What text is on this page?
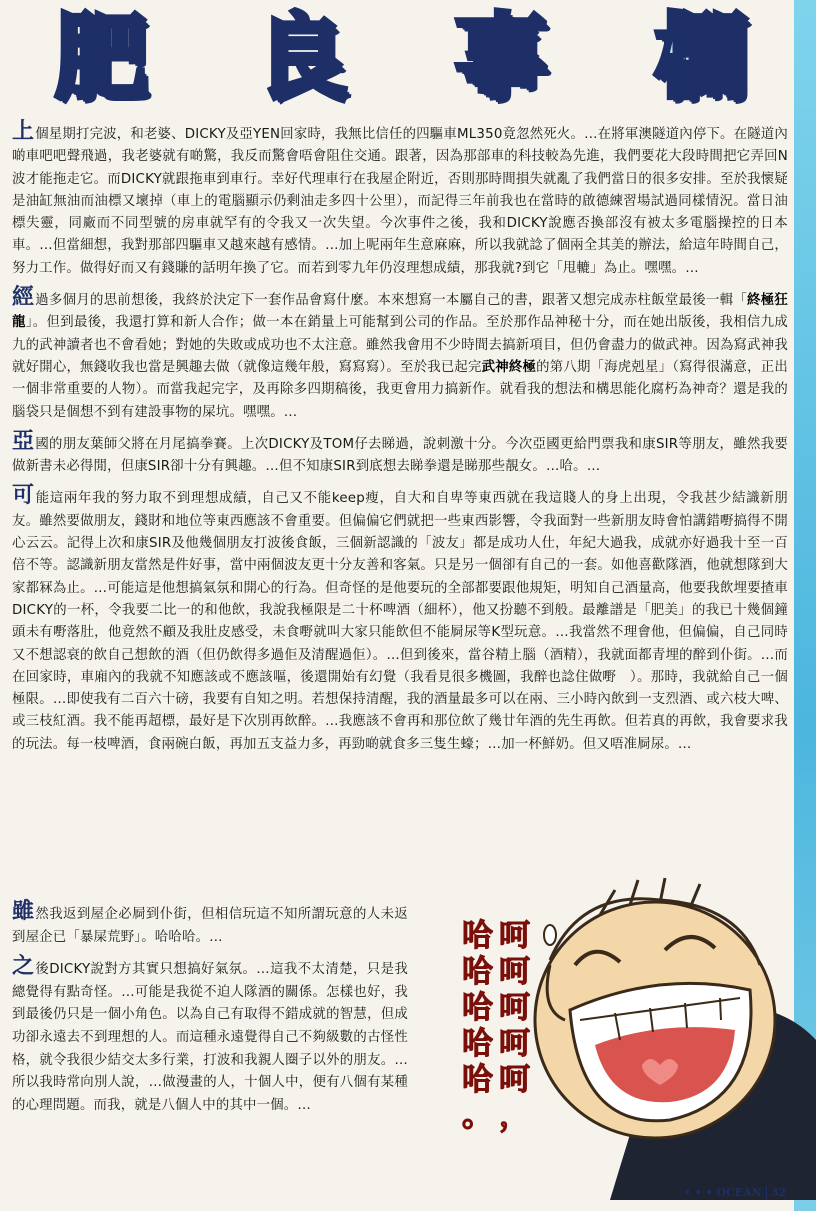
肥	良	事	欄

上個星期打完波，和老婆、DICKY及亞YEN回家時，我無比信任的四驅車ML350竟忽然死火。…在將軍澳隧道內停下。在隧道內啲車吧吧聲飛過，我老婆就有啲驚，我反而驚會唔會阻住交通。跟著，因為那部車的科技較為先進，我們要花大段時間把它弄回N波才能拖走它。而DICKY就跟拖車到車行。幸好代理車行在我屋企附近，否則那時間損失就亂了我們當日的很多安排。至於我懷疑是油缸無油而油標又壞掉（車上的電腦顯示仍剩油走多四十公里），而記得三年前我也在當時的啟德練習場試過同樣情況。當日油標失靈，同廠而不同型號的房車就罕有的令我又一次失望。今次事件之後，我和DICKY說應否換部沒有被太多電腦操控的日本車。…但當細想，我對那部四驅車又越來越有感情。…加上呢兩年生意麻麻，所以我就諗了個兩全其美的辦法，給這年時間自己，努力工作。做得好而又有錢賺的話明年換了它。而若到零九年仍沒理想成績，那我就?到它「甩轆」為止。嘿嘿。…

經過多個月的思前想後，我終於決定下一套作品會寫什麼。本來想寫一本屬自己的書，跟著又想完成赤柱飯堂最後一輯「終極狂龍」。但到最後，我還打算和新人合作；做一本在銷量上可能幫到公司的作品。至於那作品神秘十分，而在她出版後，我相信九成九的武神讀者也不會看她；對她的失敗或成功也不太注意。雖然我會用不少時間去搞新項目，但仍會盡力的做武神。因為寫武神我就好開心，無錢收我也當是興趣去做（就像這幾年般，寫寫寫）。至於我已起完武神終極的第八期「海虎剋星」（寫得很滿意，正出一個非常重要的人物）。而當我起完字，及再除多四期稿後，我更會用力搞新作。就看我的想法和構思能化腐朽為神奇？還是我的腦袋只是個想不到有建設事物的屎坑。嘿嘿。…

亞國的朋友葉師父將在月尾搞拳賽。上次DICKY及TOM仔去睇過，說刺激十分。今次亞國更給門票我和康SIR等朋友，雖然我要做新書未必得閒，但康SIR卻十分有興趣。…但不知康SIR到底想去睇拳還是睇那些靚女。…哈。…

可能這兩年我的努力取不到理想成績，自己又不能keep瘦，自大和自卑等東西就在我這賤人的身上出現，令我甚少結識新朋友。雖然要做朋友，錢財和地位等東西應該不會重要。但偏偏它們就把一些東西影響，令我面對一些新朋友時會怕講錯嘢搞得不開心云云。記得上次和康SIR及他幾個朋友打波後食飯，三個新認識的「波友」都是成功人仕，年紀大過我，成就亦好過我十至一百倍不等。認識新朋友當然是件好事，當中兩個波友更十分友善和客氣。只是另一個卻有自己的一套。如他喜歡隊酒，他就想隊到大家都冧為止。…可能這是他想搞氣氛和開心的行為。但奇怪的是他要玩的全部都要跟他規矩，明知自己酒量高，他要我飲埋要揸車DICKY的一杯，令我要二比一的和他飲，我說我極限是二十杯啤酒（細杯），他又扮聽不到般。最離譜是「肥美」的我已十幾個鐘頭未有嘢落肚，他竟然不顧及我肚皮感受，未食嘢就叫大家只能飲但不能屙尿等K型玩意。…我當然不理會他，但偏偏，自己同時又不想認衰的飲自己想飲的酒（但仍飲得多過佢及清醒過佢）。…但到後來，當谷精上腦（酒精），我就面都青埋的醉到仆街。…而在回家時，車廂內的我就不知應該或不應該嘔，後還開始有幻覺（我看見很多機圖，我醉也諗住做嘢　）。那時，我就給自己一個極限。…即使我有二百六十磅，我要有自知之明。若想保持清醒，我的酒量最多可以在兩、三小時內飲到一支烈酒、或六枝大啤、或三枝紅酒。我不能再超標，最好是下次別再飲醉。…我應該不會再和那位飲了幾廿年酒的先生再飲。但若真的再飲，我會要求我的玩法。每一枝啤酒，食兩碗白飯，再加五支益力多，再勁啲就食多三隻生蠔；…加一杯鮮奶。但又唔准屙尿。…

雖然我返到屋企必屙到仆街，但相信玩這不知所謂玩意的人未返到屋企已「暴屎荒野」。哈哈哈。…

之後DICKY說對方其實只想搞好氣氛。…這我不太清楚，只是我總覺得有點奇怪。…可能是我從不迫人隊酒的關係。怎樣也好，我到最後仍只是一個小角色。以為自己有取得不錯成就的智慧，但成功卻永遠去不到理想的人。而這種永遠覺得自己不夠級數的古怪性格，就令我很少結交太多行業，打波和我親人圈子以外的朋友。…所以我時常向別人說，…做漫畫的人，十個人中，便有八個有某種的心理問題。而我，就是八個人中的其中一個。…

呵
呵
呵
呵
呵
，
哈
哈
哈
哈
哈
。
• • • OCEAN 32
